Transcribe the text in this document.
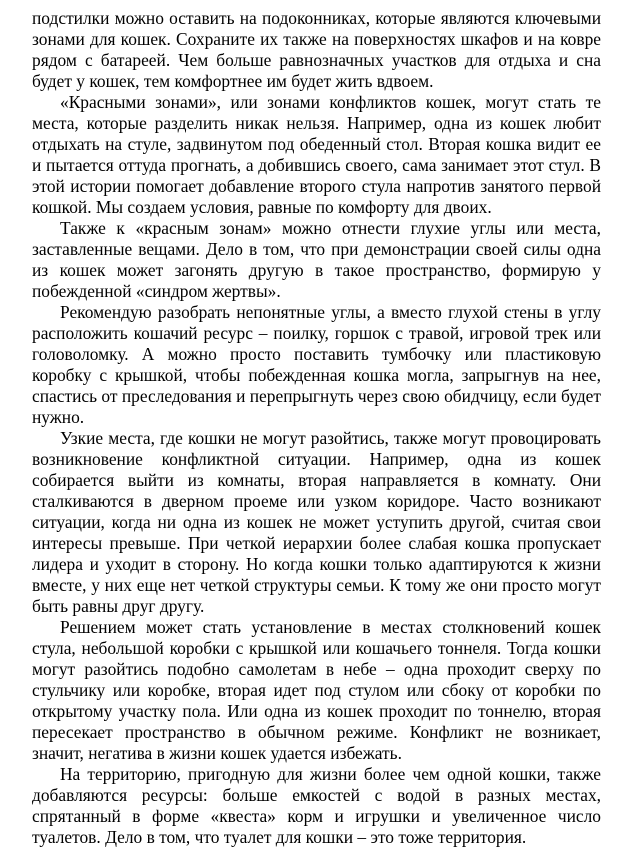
подстилки можно оставить на подоконниках, которые являются ключевыми зонами для кошек. Сохраните их также на поверхностях шкафов и на ковре рядом с батареей. Чем больше равнозначных участков для отдыха и сна будет у кошек, тем комфортнее им будет жить вдвоем.

«Красными зонами», или зонами конфликтов кошек, могут стать те места, которые разделить никак нельзя. Например, одна из кошек любит отдыхать на стуле, задвинутом под обеденный стол. Вторая кошка видит ее и пытается оттуда прогнать, а добившись своего, сама занимает этот стул. В этой истории помогает добавление второго стула напротив занятого первой кошкой. Мы создаем условия, равные по комфорту для двоих.

Также к «красным зонам» можно отнести глухие углы или места, заставленные вещами. Дело в том, что при демонстрации своей силы одна из кошек может загонять другую в такое пространство, формирую у побежденной «синдром жертвы».

Рекомендую разобрать непонятные углы, а вместо глухой стены в углу расположить кошачий ресурс – поилку, горшок с травой, игровой трек или головоломку. А можно просто поставить тумбочку или пластиковую коробку с крышкой, чтобы побежденная кошка могла, запрыгнув на нее, спастись от преследования и перепрыгнуть через свою обидчицу, если будет нужно.

Узкие места, где кошки не могут разойтись, также могут провоцировать возникновение конфликтной ситуации. Например, одна из кошек собирается выйти из комнаты, вторая направляется в комнату. Они сталкиваются в дверном проеме или узком коридоре. Часто возникают ситуации, когда ни одна из кошек не может уступить другой, считая свои интересы превыше. При четкой иерархии более слабая кошка пропускает лидера и уходит в сторону. Но когда кошки только адаптируются к жизни вместе, у них еще нет четкой структуры семьи. К тому же они просто могут быть равны друг другу.

Решением может стать установление в местах столкновений кошек стула, небольшой коробки с крышкой или кошачьего тоннеля. Тогда кошки могут разойтись подобно самолетам в небе – одна проходит сверху по стульчику или коробке, вторая идет под стулом или сбоку от коробки по открытому участку пола. Или одна из кошек проходит по тоннелю, вторая пересекает пространство в обычном режиме. Конфликт не возникает, значит, негатива в жизни кошек удается избежать.

На территорию, пригодную для жизни более чем одной кошки, также добавляются ресурсы: больше емкостей с водой в разных местах, спрятанный в форме «квеста» корм и игрушки и увеличенное число туалетов. Дело в том, что туалет для кошки – это тоже территория.
